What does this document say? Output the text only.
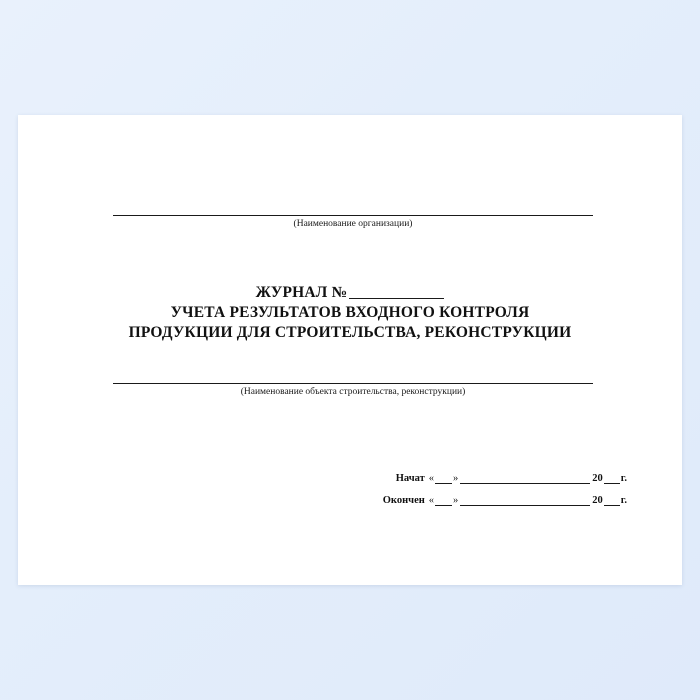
(Наименование организации)
ЖУРНАЛ №
УЧЕТА РЕЗУЛЬТАТОВ ВХОДНОГО КОНТРОЛЯ
ПРОДУКЦИИ ДЛЯ СТРОИТЕЛЬСТВА, РЕКОНСТРУКЦИИ
(Наименование объекта строительства, реконструкции)
Начат « »	20 г.
Окончен « »	20 г.
